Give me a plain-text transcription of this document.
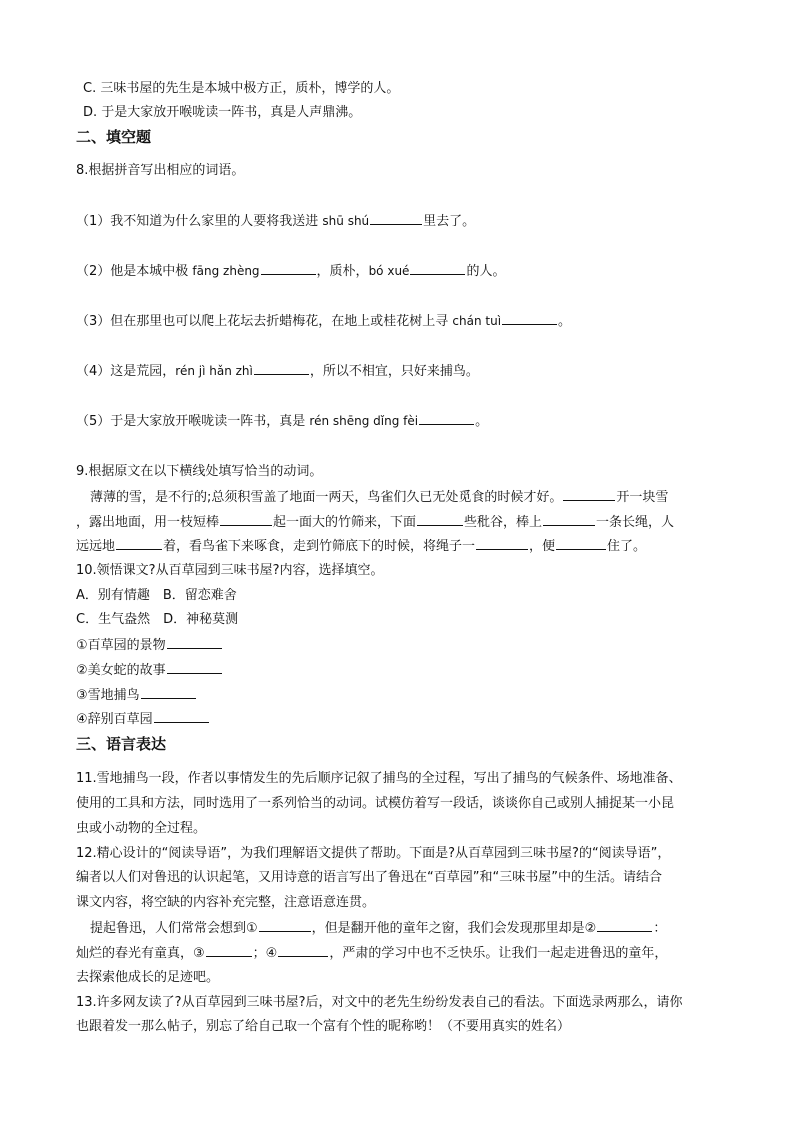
C. 三味书屋的先生是本城中极方正，质朴，博学的人。
D. 于是大家放开喉咙读一阵书，真是人声鼎沸。
二、填空题
8.根据拼音写出相应的词语。
（1）我不知道为什么家里的人要将我送进 shū shú	里去了。
（2）他是本城中极 fāng zhèng	，质朴，bó xué	的人。
（3）但在那里也可以爬上花坛去折蜡梅花，在地上或桂花树上寻 chán tuì	。
（4）这是荒园，rén jì hǎn zhì	，所以不相宜，只好来捕鸟。
（5）于是大家放开喉咙读一阵书，真是 rén shēng dǐng fèi	。
9.根据原文在以下横线处填写恰当的动词。
薄薄的雪，是不行的;总须积雪盖了地面一两天，鸟雀们久已无处觅食的时候才好。	开一块雪
，露出地面，用一枝短棒	起一面大的竹筛来，下面	些秕谷，棒上	一条长绳，人
远远地	着，看鸟雀下来啄食，走到竹筛底下的时候，将绳子一	，便	住了。
10.领悟课文?从百草园到三味书屋?内容，选择填空。
A．别有情趣　B．留恋难舍
C．生气盎然　D．神秘莫测
①百草园的景物
②美女蛇的故事
③雪地捕鸟
④辞别百草园
三、语言表达
11.雪地捕鸟一段，作者以事情发生的先后顺序记叙了捕鸟的全过程，写出了捕鸟的气候条件、场地准备、
使用的工具和方法，同时选用了一系列恰当的动词。试模仿着写一段话，谈谈你自己或别人捕捉某一小昆
虫或小动物的全过程。
12.精心设计的“阅读导语”，为我们理解语文提供了帮助。下面是?从百草园到三味书屋?的“阅读导语”，
编者以人们对鲁迅的认识起笔，又用诗意的语言写出了鲁迅在“百草园”和“三味书屋”中的生活。请结合
课文内容，将空缺的内容补充完整，注意语意连贯。
提起鲁迅，人们常常会想到①	，但是翻开他的童年之窗，我们会发现那里却是②	：
灿烂的春光有童真，③	；④	，严肃的学习中也不乏快乐。让我们一起走进鲁迅的童年，
去探索他成长的足迹吧。
13.许多网友读了?从百草园到三味书屋?后，对文中的老先生纷纷发表自己的看法。下面选录两那么，请你
也跟着发一那么帖子，别忘了给自己取一个富有个性的昵称哟！（不要用真实的姓名）
